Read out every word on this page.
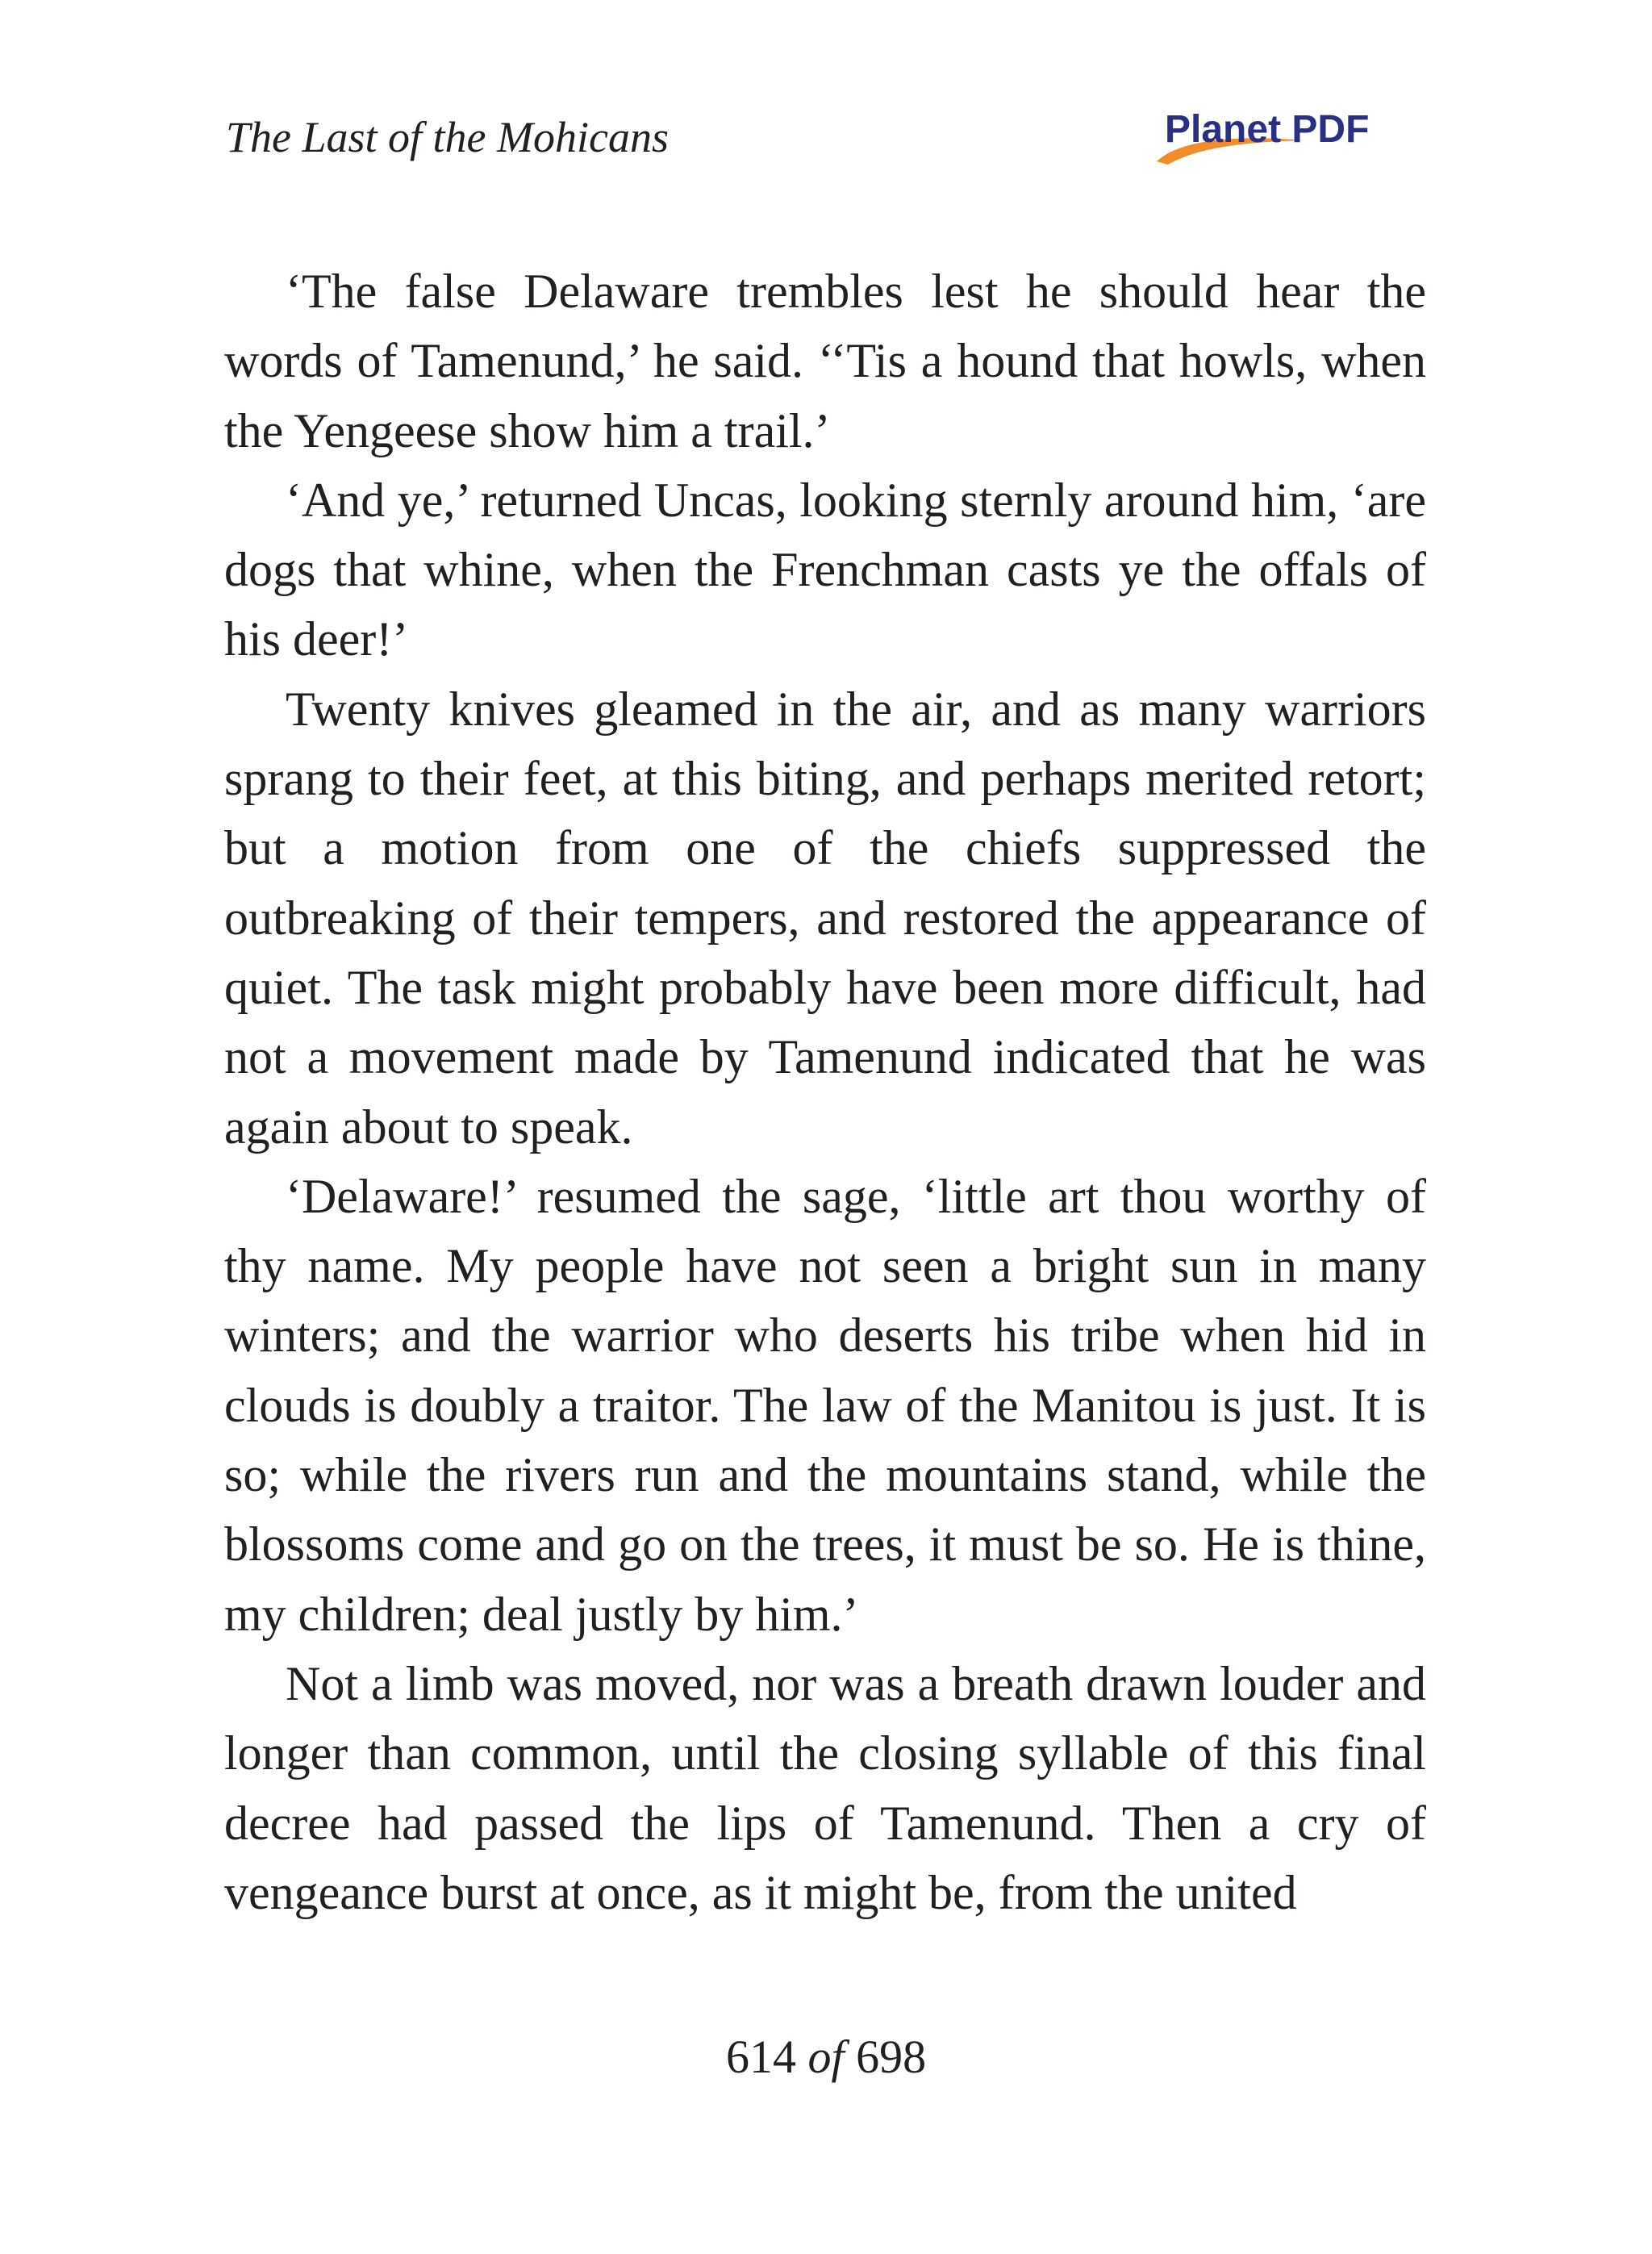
The Last of the Mohicans	Planet PDF

‘The false Delaware trembles lest he should hear the words of Tamenund,’ he said. ‘‘Tis a hound that howls, when the Yengeese show him a trail.’

‘And ye,’ returned Uncas, looking sternly around him, ‘are dogs that whine, when the Frenchman casts ye the offals of his deer!’

Twenty knives gleamed in the air, and as many warriors sprang to their feet, at this biting, and perhaps merited retort; but a motion from one of the chiefs suppressed the outbreaking of their tempers, and restored the appearance of quiet. The task might probably have been more difficult, had not a movement made by Tamenund indicated that he was again about to speak.

‘Delaware!’ resumed the sage, ‘little art thou worthy of thy name. My people have not seen a bright sun in many winters; and the warrior who deserts his tribe when hid in clouds is doubly a traitor. The law of the Manitou is just. It is so; while the rivers run and the mountains stand, while the blossoms come and go on the trees, it must be so. He is thine, my children; deal justly by him.’

Not a limb was moved, nor was a breath drawn louder and longer than common, until the closing syllable of this final decree had passed the lips of Tamenund. Then a cry of vengeance burst at once, as it might be, from the united

614 of 698
